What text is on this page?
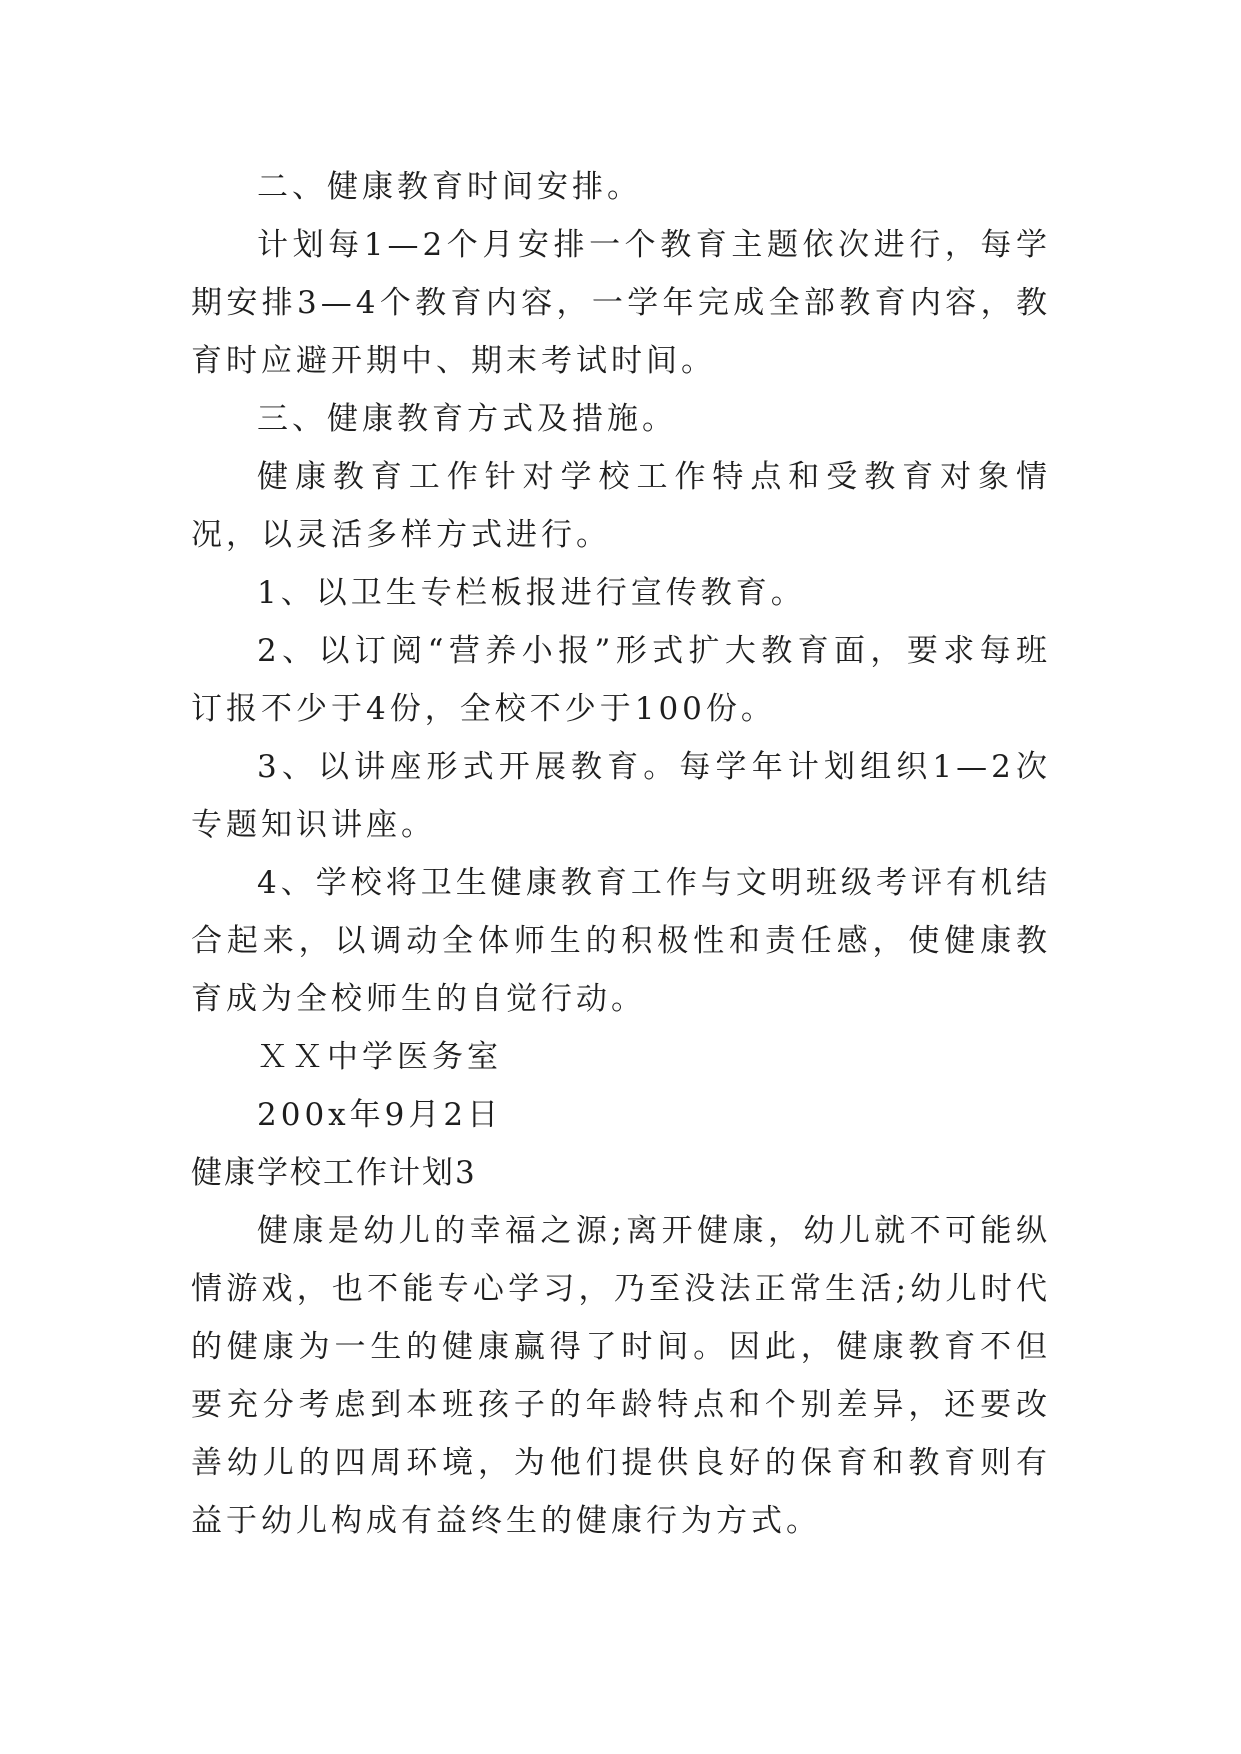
二、健康教育时间安排。

计划每1—2个月安排一个教育主题依次进行，每学期安排3—4个教育内容，一学年完成全部教育内容，教育时应避开期中、期末考试时间。

三、健康教育方式及措施。

健康教育工作针对学校工作特点和受教育对象情况，以灵活多样方式进行。

1、以卫生专栏板报进行宣传教育。

2、以订阅“营养小报”形式扩大教育面，要求每班订报不少于4份，全校不少于100份。

3、以讲座形式开展教育。每学年计划组织1—2次专题知识讲座。

4、学校将卫生健康教育工作与文明班级考评有机结合起来，以调动全体师生的积极性和责任感，使健康教育成为全校师生的自觉行动。

ＸＸ中学医务室

200x年9月2日

健康学校工作计划3

健康是幼儿的幸福之源;离开健康，幼儿就不可能纵情游戏，也不能专心学习，乃至没法正常生活;幼儿时代的健康为一生的健康赢得了时间。因此，健康教育不但要充分考虑到本班孩子的年龄特点和个别差异，还要改善幼儿的四周环境，为他们提供良好的保育和教育则有益于幼儿构成有益终生的健康行为方式。
